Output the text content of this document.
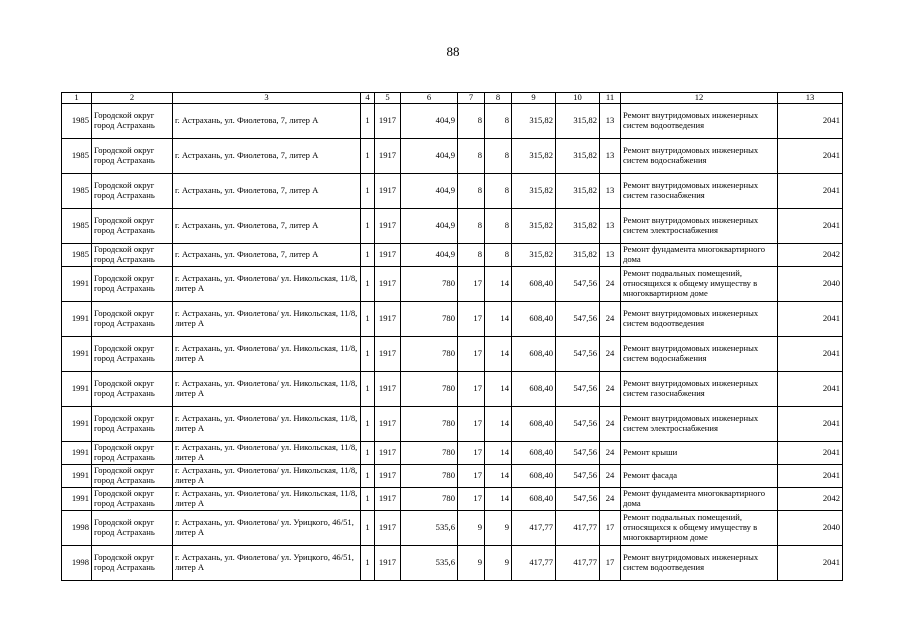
88
1	2	3	4	5	6	7	8	9	10	11	12	13
1985	Городской округ город Астрахань	г. Астрахань, ул. Фиолетова, 7, литер А	1	1917	404,9	8	8	315,82	315,82	13	Ремонт внутридомовых инженерных систем водоотведения	2041
1985	Городской округ город Астрахань	г. Астрахань, ул. Фиолетова, 7, литер А	1	1917	404,9	8	8	315,82	315,82	13	Ремонт внутридомовых инженерных систем водоснабжения	2041
1985	Городской округ город Астрахань	г. Астрахань, ул. Фиолетова, 7, литер А	1	1917	404,9	8	8	315,82	315,82	13	Ремонт внутридомовых инженерных систем газоснабжения	2041
1985	Городской округ город Астрахань	г. Астрахань, ул. Фиолетова, 7, литер А	1	1917	404,9	8	8	315,82	315,82	13	Ремонт внутридомовых инженерных систем электроснабжения	2041
1985	Городской округ город Астрахань	г. Астрахань, ул. Фиолетова, 7, литер А	1	1917	404,9	8	8	315,82	315,82	13	Ремонт фундамента многоквартирного дома	2042
1991	Городской округ город Астрахань	г. Астрахань, ул. Фиолетова/ ул. Никольская, 11/8, литер А	1	1917	780	17	14	608,40	547,56	24	Ремонт подвальных помещений, относящихся к общему имуществу в многоквартирном доме	2040
1991	Городской округ город Астрахань	г. Астрахань, ул. Фиолетова/ ул. Никольская, 11/8, литер А	1	1917	780	17	14	608,40	547,56	24	Ремонт внутридомовых инженерных систем водоотведения	2041
1991	Городской округ город Астрахань	г. Астрахань, ул. Фиолетова/ ул. Никольская, 11/8, литер А	1	1917	780	17	14	608,40	547,56	24	Ремонт внутридомовых инженерных систем водоснабжения	2041
1991	Городской округ город Астрахань	г. Астрахань, ул. Фиолетова/ ул. Никольская, 11/8, литер А	1	1917	780	17	14	608,40	547,56	24	Ремонт внутридомовых инженерных систем газоснабжения	2041
1991	Городской округ город Астрахань	г. Астрахань, ул. Фиолетова/ ул. Никольская, 11/8, литер А	1	1917	780	17	14	608,40	547,56	24	Ремонт внутридомовых инженерных систем электроснабжения	2041
1991	Городской округ город Астрахань	г. Астрахань, ул. Фиолетова/ ул. Никольская, 11/8, литер А	1	1917	780	17	14	608,40	547,56	24	Ремонт крыши	2041
1991	Городской округ город Астрахань	г. Астрахань, ул. Фиолетова/ ул. Никольская, 11/8, литер А	1	1917	780	17	14	608,40	547,56	24	Ремонт фасада	2041
1991	Городской округ город Астрахань	г. Астрахань, ул. Фиолетова/ ул. Никольская, 11/8, литер А	1	1917	780	17	14	608,40	547,56	24	Ремонт фундамента многоквартирного дома	2042
1998	Городской округ город Астрахань	г. Астрахань, ул. Фиолетова/ ул. Урицкого, 46/51, литер А	1	1917	535,6	9	9	417,77	417,77	17	Ремонт подвальных помещений, относящихся к общему имуществу в многоквартирном доме	2040
1998	Городской округ город Астрахань	г. Астрахань, ул. Фиолетова/ ул. Урицкого, 46/51, литер А	1	1917	535,6	9	9	417,77	417,77	17	Ремонт внутридомовых инженерных систем водоотведения	2041
